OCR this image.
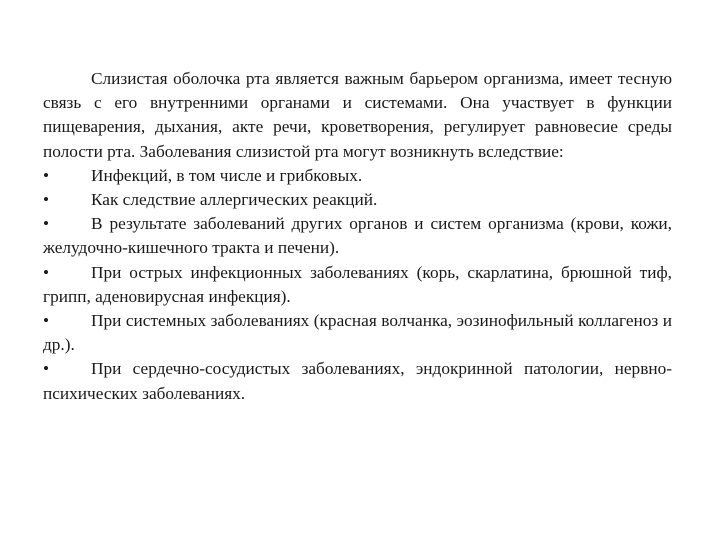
Слизистая оболочка рта является важным барьером организма, имеет тесную связь с его внутренними органами и системами. Она участвует в функции пищеварения, дыхания, акте речи, кроветворения, регулирует равновесие среды полости рта. Заболевания слизистой рта могут возникнуть вследствие:

• Инфекций, в том числе и грибковых.

• Как следствие аллергических реакций.

• В результате заболеваний других органов и систем организма (крови, кожи, желудочно-кишечного тракта и печени).

• При острых инфекционных заболеваниях (корь, скарлатина, брюшной тиф, грипп, аденовирусная инфекция).

• При системных заболеваниях (красная волчанка, эозинофильный коллагеноз и др.).

• При сердечно-сосудистых заболеваниях, эндокринной патологии, нервно-психических заболеваниях.
